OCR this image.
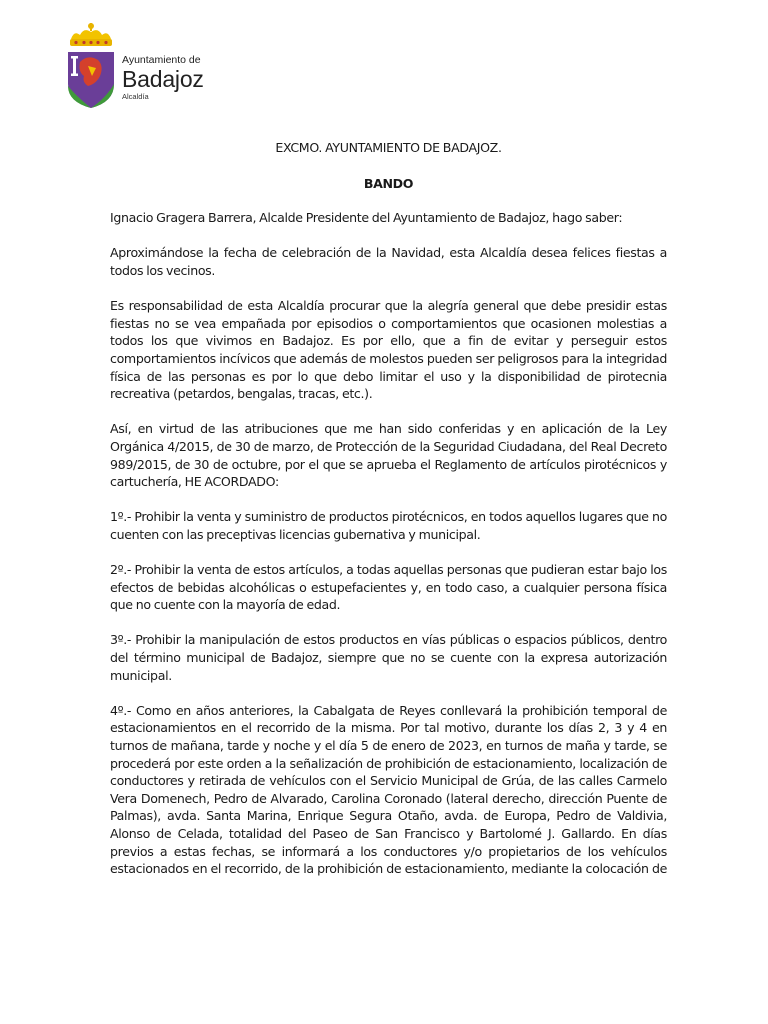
Ayuntamiento de
Badajoz
Alcaldía

EXCMO. AYUNTAMIENTO DE BADAJOZ.

BANDO

Ignacio Gragera Barrera, Alcalde Presidente del Ayuntamiento de Badajoz, hago saber:

Aproximándose la fecha de celebración de la Navidad, esta Alcaldía desea felices fiestas a todos los vecinos.

Es responsabilidad de esta Alcaldía procurar que la alegría general que debe presidir estas fiestas no se vea empañada por episodios o comportamientos que ocasionen molestias a todos los que vivimos en Badajoz. Es por ello, que a fin de evitar y perseguir estos comportamientos incívicos que además de molestos pueden ser peligrosos para la integridad física de las personas es por lo que debo limitar el uso y la disponibilidad de pirotecnia recreativa (petardos, bengalas, tracas, etc.).

Así, en virtud de las atribuciones que me han sido conferidas y en aplicación de la Ley Orgánica 4/2015, de 30 de marzo, de Protección de la Seguridad Ciudadana, del Real Decreto 989/2015, de 30 de octubre, por el que se aprueba el Reglamento de artículos pirotécnicos y cartuchería, HE ACORDADO:

1º.- Prohibir la venta y suministro de productos pirotécnicos, en todos aquellos lugares que no cuenten con las preceptivas licencias gubernativa y municipal.

2º.- Prohibir la venta de estos artículos, a todas aquellas personas que pudieran estar bajo los efectos de bebidas alcohólicas o estupefacientes y, en todo caso, a cualquier persona física que no cuente con la mayoría de edad.

3º.- Prohibir la manipulación de estos productos en vías públicas o espacios públicos, dentro del término municipal de Badajoz, siempre que no se cuente con la expresa autorización municipal.

4º.- Como en años anteriores, la Cabalgata de Reyes conllevará la prohibición temporal de estacionamientos en el recorrido de la misma. Por tal motivo, durante los días 2, 3 y 4 en turnos de mañana, tarde y noche y el día 5 de enero de 2023, en turnos de maña y tarde, se procederá por este orden a la señalización de prohibición de estacionamiento, localización de conductores y retirada de vehículos con el Servicio Municipal de Grúa, de las calles Carmelo Vera Domenech, Pedro de Alvarado, Carolina Coronado (lateral derecho, dirección Puente de Palmas), avda. Santa Marina, Enrique Segura Otaño, avda. de Europa, Pedro de Valdivia, Alonso de Celada, totalidad del Paseo de San Francisco y Bartolomé J. Gallardo. En días previos a estas fechas, se informará a los conductores y/o propietarios de los vehículos estacionados en el recorrido, de la prohibición de estacionamiento, mediante la colocación de
